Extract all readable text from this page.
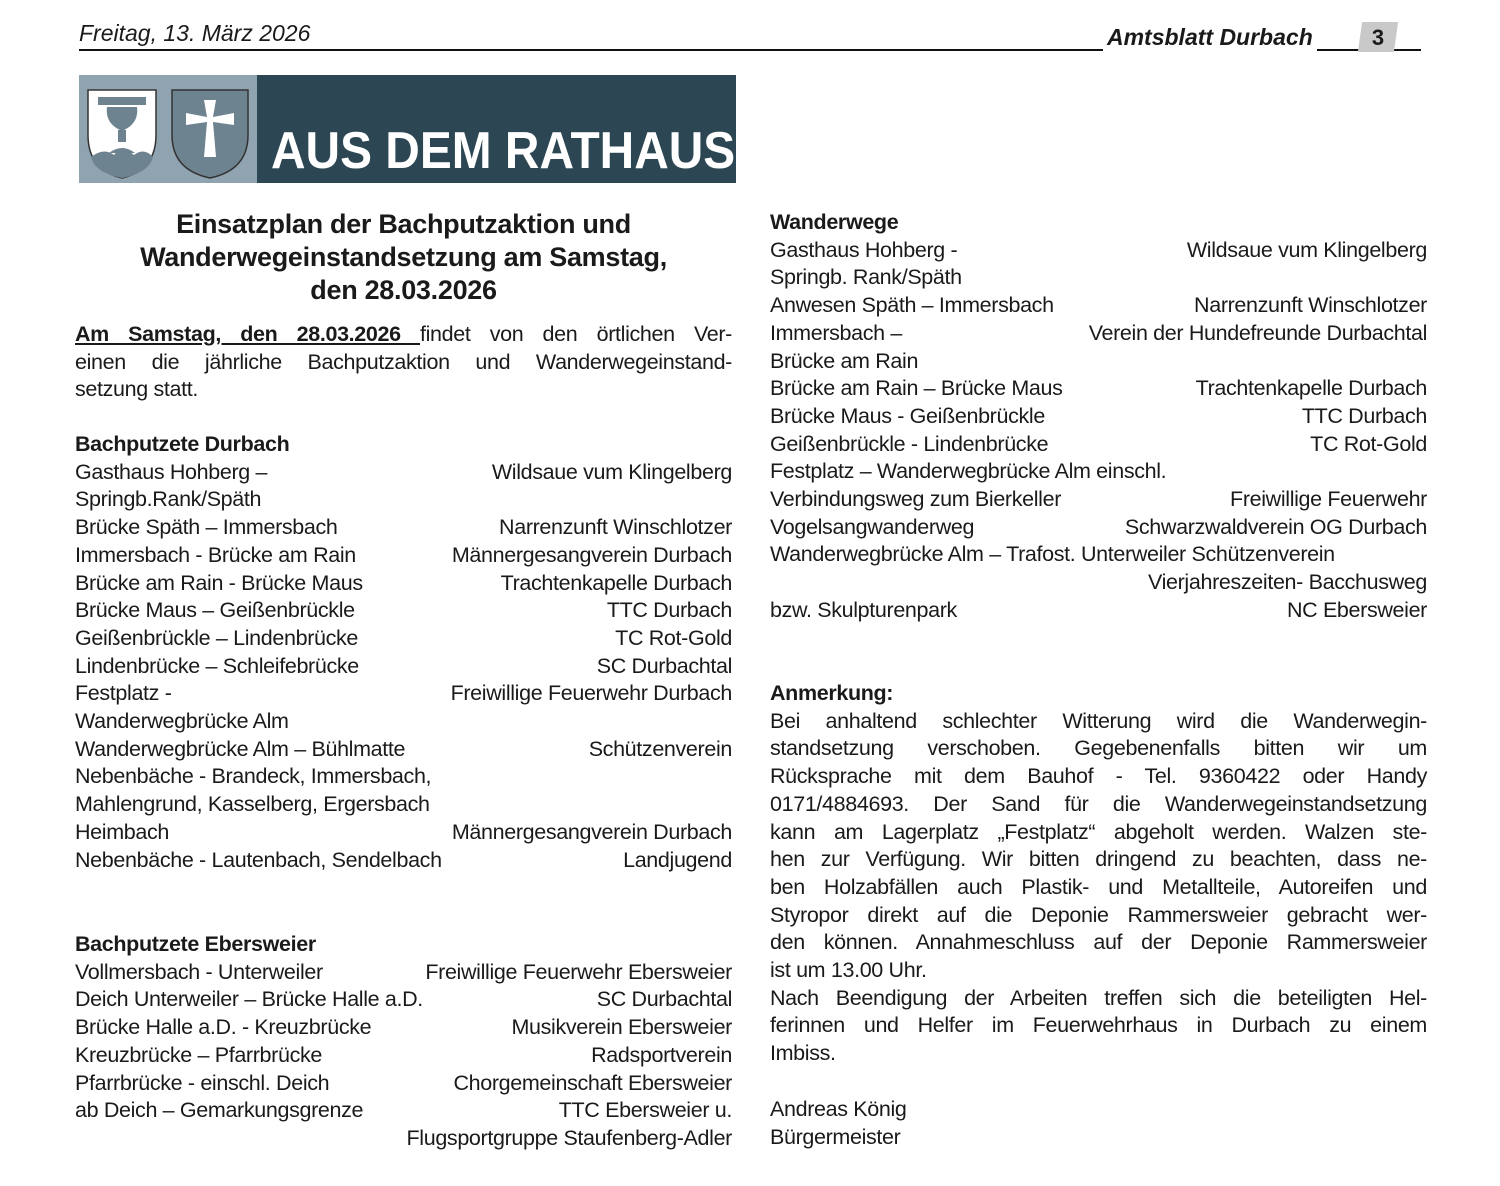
Freitag, 13. März 2026	Amtsblatt Durbach	3
AUS DEM RATHAUS
Einsatzplan der Bachputzaktion und
Wanderwegeinstandsetzung am Samstag,
den 28.03.2026
Am Samstag, den 28.03.2026 findet von den örtlichen Ver-
einen die jährliche Bachputzaktion und Wanderwegeinstand-
setzung statt.
Bachputzete Durbach
Gasthaus Hohberg –	Wildsaue vum Klingelberg
Springb.Rank/Späth
Brücke Späth – Immersbach	Narrenzunft Winschlotzer
Immersbach - Brücke am Rain	Männergesangverein Durbach
Brücke am Rain - Brücke Maus	Trachtenkapelle Durbach
Brücke Maus – Geißenbrückle	TTC Durbach
Geißenbrückle – Lindenbrücke	TC Rot-Gold
Lindenbrücke – Schleifebrücke	SC Durbachtal
Festplatz -	Freiwillige Feuerwehr Durbach
Wanderwegbrücke Alm
Wanderwegbrücke Alm – Bühlmatte	Schützenverein
Nebenbäche - Brandeck, Immersbach,
Mahlengrund, Kasselberg, Ergersbach
Heimbach	Männergesangverein Durbach
Nebenbäche - Lautenbach, Sendelbach	Landjugend
Bachputzete Ebersweier
Vollmersbach - Unterweiler	Freiwillige Feuerwehr Ebersweier
Deich Unterweiler – Brücke Halle a.D.	SC Durbachtal
Brücke Halle a.D. - Kreuzbrücke	Musikverein Ebersweier
Kreuzbrücke – Pfarrbrücke	Radsportverein
Pfarrbrücke - einschl. Deich	Chorgemeinschaft Ebersweier
ab Deich – Gemarkungsgrenze	TTC Ebersweier u.
Flugsportgruppe Staufenberg-Adler
Wanderwege
Gasthaus Hohberg -	Wildsaue vum Klingelberg
Springb. Rank/Späth
Anwesen Späth – Immersbach	Narrenzunft Winschlotzer
Immersbach –	Verein der Hundefreunde Durbachtal
Brücke am Rain
Brücke am Rain – Brücke Maus	Trachtenkapelle Durbach
Brücke Maus - Geißenbrückle	TTC Durbach
Geißenbrückle - Lindenbrücke	TC Rot-Gold
Festplatz – Wanderwegbrücke Alm einschl.
Verbindungsweg zum Bierkeller	Freiwillige Feuerwehr
Vogelsangwanderweg	Schwarzwaldverein OG Durbach
Wanderwegbrücke Alm – Trafost. Unterweiler Schützenverein
Vierjahreszeiten- Bacchusweg
bzw. Skulpturenpark	NC Ebersweier
Anmerkung:
Bei anhaltend schlechter Witterung wird die Wanderwegin-
standsetzung verschoben. Gegebenenfalls bitten wir um
Rücksprache mit dem Bauhof - Tel. 9360422 oder Handy
0171/4884693. Der Sand für die Wanderwegeinstandsetzung
kann am Lagerplatz „Festplatz“ abgeholt werden. Walzen ste-
hen zur Verfügung. Wir bitten dringend zu beachten, dass ne-
ben Holzabfällen auch Plastik- und Metallteile, Autoreifen und
Styropor direkt auf die Deponie Rammersweier gebracht wer-
den können. Annahmeschluss auf der Deponie Rammersweier
ist um 13.00 Uhr.
Nach Beendigung der Arbeiten treffen sich die beteiligten Hel-
ferinnen und Helfer im Feuerwehrhaus in Durbach zu einem
Imbiss.
Andreas König
Bürgermeister
